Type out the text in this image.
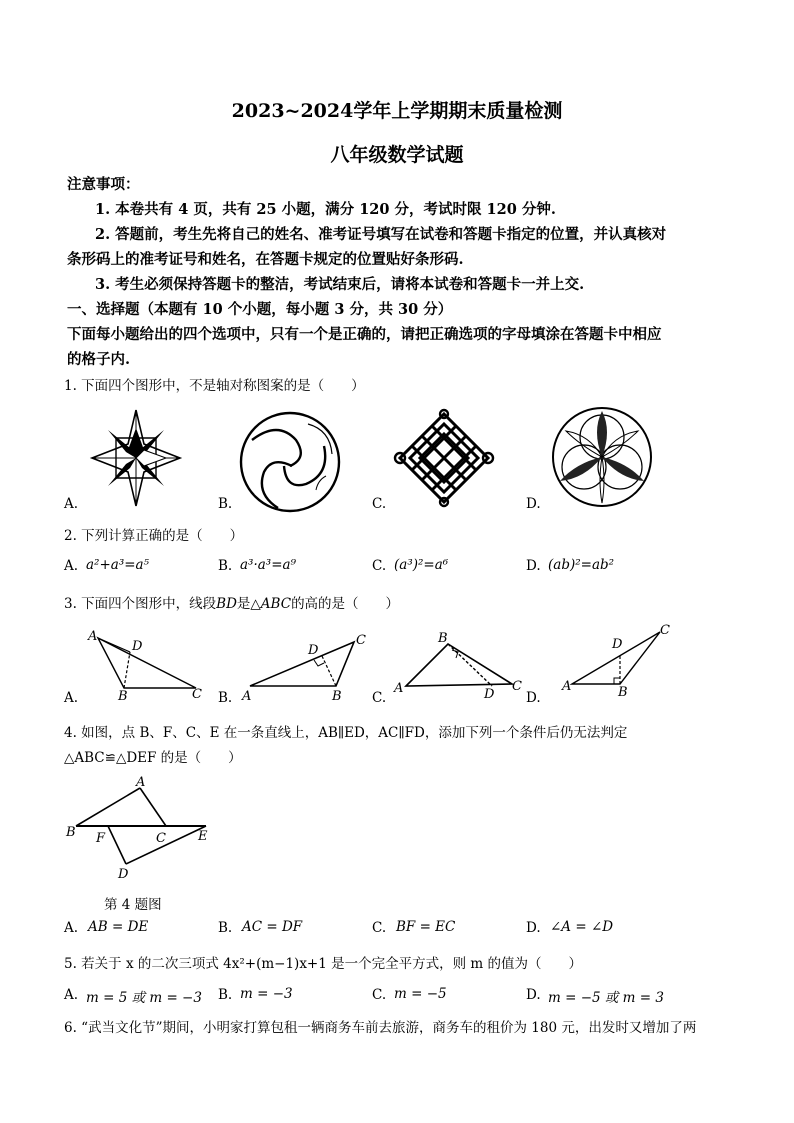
2023~2024学年上学期期末质量检测
八年级数学试题
注意事项：
1. 本卷共有 4 页，共有 25 小题，满分 120 分，考试时限 120 分钟.
2. 答题前，考生先将自己的姓名、准考证号填写在试卷和答题卡指定的位置，并认真核对
条形码上的准考证号和姓名，在答题卡规定的位置贴好条形码.
3. 考生必须保持答题卡的整洁，考试结束后，请将本试卷和答题卡一并上交.
一、选择题（本题有 10 个小题，每小题 3 分，共 30 分）
下面每小题给出的四个选项中，只有一个是正确的，请把正确选项的字母填涂在答题卡中相应
的格子内.
1. 下面四个图形中，不是轴对称图案的是（　　）
A.	B.	C.	D.
2. 下列计算正确的是（　　）
A. a²+a³=a⁵	B. a³·a³=a⁹	C. (a³)²=a⁶	D. (ab)²=ab²
3. 下面四个图形中，线段BD是△ABC的高的是（　　）
A
D
B	C	A
D
C
B
A
B
D
C	A
D
C
B
A.	B.	C.	D.
4. 如图，点 B、F、C、E 在一条直线上，AB∥ED，AC∥FD，添加下列一个条件后仍无法判定
△ABC≌△DEF 的是（　　）
A
B F	C E
D
第 4 题图
A. AB = DE	B. AC = DF	C. BF = EC	D. ∠A = ∠D
5. 若关于 x 的二次三项式 4x²+(m−1)x+1 是一个完全平方式，则 m 的值为（　　）
A. m = 5 或 m = −3 B. m = −3	C. m = −5	D. m = −5 或 m = 3
6. “武当文化节”期间，小明家打算包租一辆商务车前去旅游，商务车的租价为 180 元，出发时又增加了两
